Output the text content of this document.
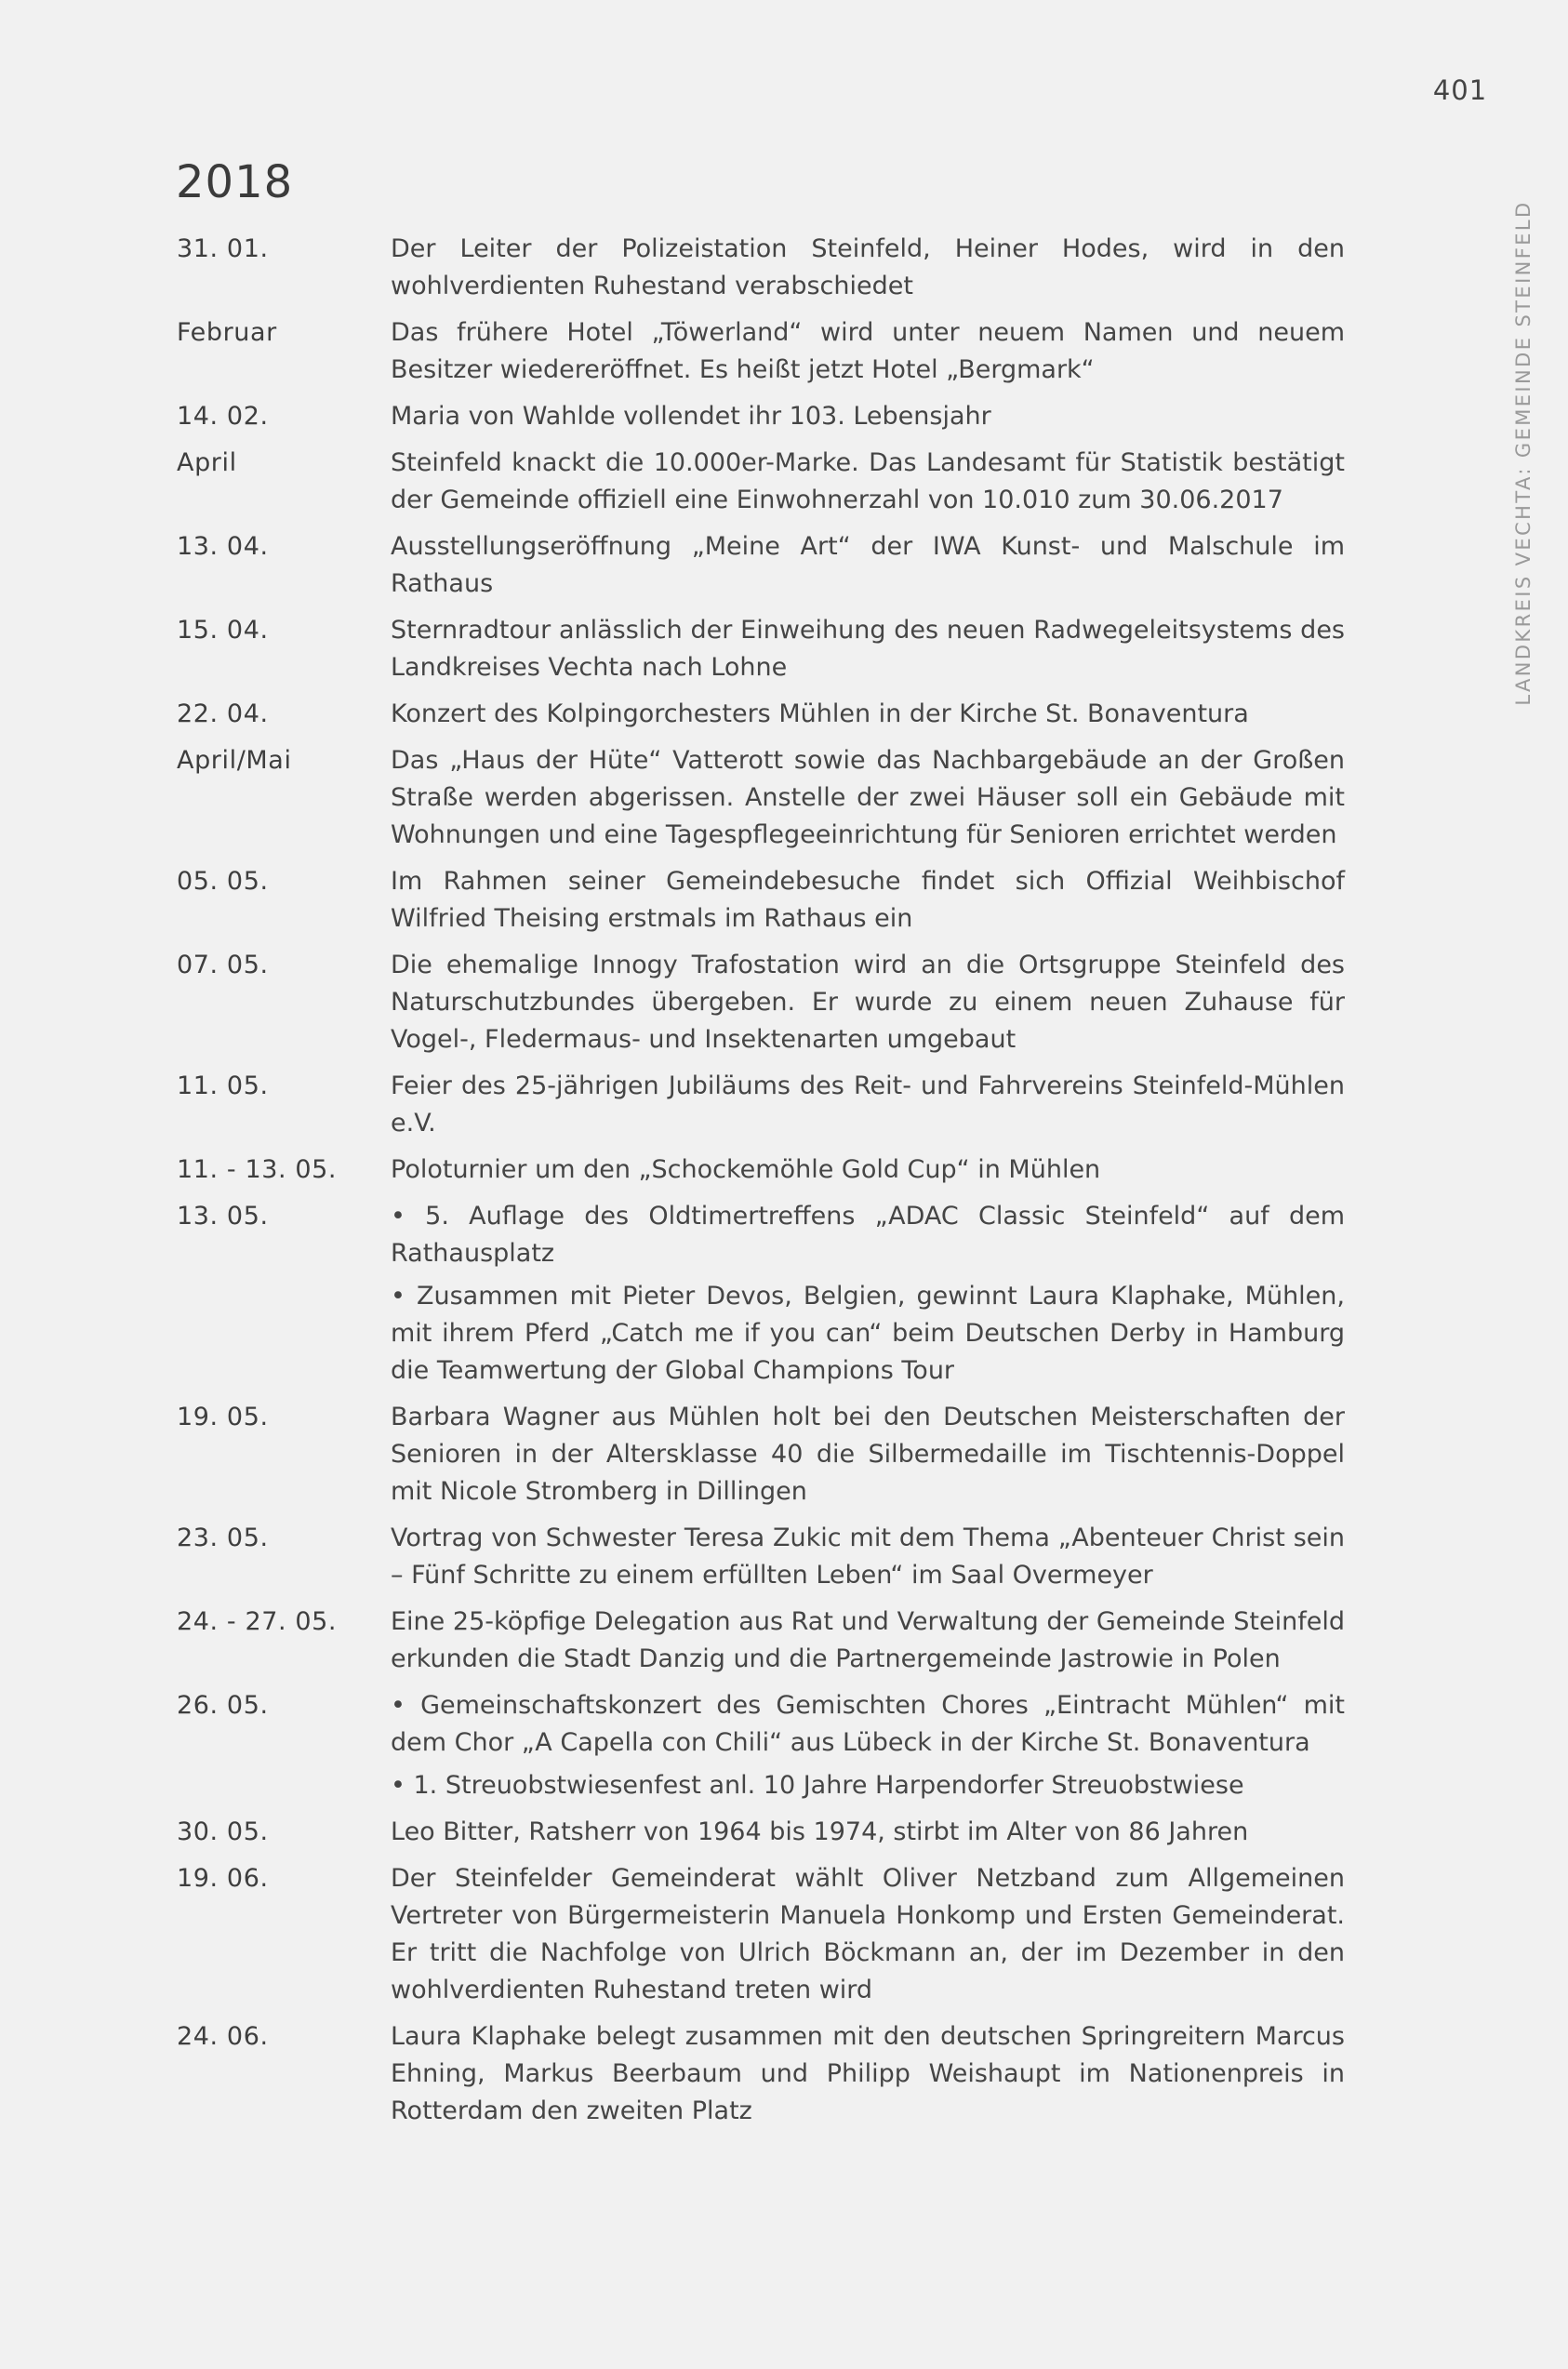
401
LANDKREIS VECHTA: GEMEINDE STEINFELD
2018
31. 01.	Der Leiter der Polizeistation Steinfeld, Heiner Hodes, wird in den wohlverdienten Ruhestand verabschiedet
Februar	Das frühere Hotel „Töwerland“ wird unter neuem Namen und neuem Besitzer wiedereröffnet. Es heißt jetzt Hotel „Bergmark“
14. 02.	Maria von Wahlde vollendet ihr 103. Lebensjahr
April	Steinfeld knackt die 10.000er-Marke. Das Landesamt für Statistik bestätigt der Gemeinde offiziell eine Einwohnerzahl von 10.010 zum 30.06.2017
13. 04.	Ausstellungseröffnung „Meine Art“ der IWA Kunst- und Malschule im Rathaus
15. 04.	Sternradtour anlässlich der Einweihung des neuen Radwegeleitsystems des Landkreises Vechta nach Lohne
22. 04.	Konzert des Kolpingorchesters Mühlen in der Kirche St. Bonaventura
April/Mai	Das „Haus der Hüte“ Vatterott sowie das Nachbargebäude an der Großen Straße werden abgerissen. Anstelle der zwei Häuser soll ein Gebäude mit Wohnungen und eine Tagespflegeeinrichtung für Senioren errichtet werden
05. 05.	Im Rahmen seiner Gemeindebesuche findet sich Offizial Weihbischof Wilfried Theising erstmals im Rathaus ein
07. 05.	Die ehemalige Innogy Trafostation wird an die Ortsgruppe Steinfeld des Naturschutzbundes übergeben. Er wurde zu einem neuen Zuhause für Vogel-, Fledermaus- und Insektenarten umgebaut
11. 05.	Feier des 25-jährigen Jubiläums des Reit- und Fahrvereins Steinfeld-Mühlen e.V.
11. - 13. 05.	Poloturnier um den „Schockemöhle Gold Cup“ in Mühlen
13. 05.	• 5. Auflage des Oldtimertreffens „ADAC Classic Steinfeld“ auf dem Rathausplatz
• Zusammen mit Pieter Devos, Belgien, gewinnt Laura Klaphake, Mühlen, mit ihrem Pferd „Catch me if you can“ beim Deutschen Derby in Hamburg die Teamwertung der Global Champions Tour
19. 05.	Barbara Wagner aus Mühlen holt bei den Deutschen Meisterschaften der Senioren in der Altersklasse 40 die Silbermedaille im Tischtennis-Doppel mit Nicole Stromberg in Dillingen
23. 05.	Vortrag von Schwester Teresa Zukic mit dem Thema „Abenteuer Christ sein – Fünf Schritte zu einem erfüllten Leben“ im Saal Overmeyer
24. - 27. 05.	Eine 25-köpfige Delegation aus Rat und Verwaltung der Gemeinde Steinfeld erkunden die Stadt Danzig und die Partnergemeinde Jastrowie in Polen
26. 05.	• Gemeinschaftskonzert des Gemischten Chores „Eintracht Mühlen“ mit dem Chor „A Capella con Chili“ aus Lübeck in der Kirche St. Bonaventura
• 1. Streuobstwiesenfest anl. 10 Jahre Harpendorfer Streuobstwiese
30. 05.	Leo Bitter, Ratsherr von 1964 bis 1974, stirbt im Alter von 86 Jahren
19. 06.	Der Steinfelder Gemeinderat wählt Oliver Netzband zum Allgemeinen Vertreter von Bürgermeisterin Manuela Honkomp und Ersten Gemeinderat. Er tritt die Nachfolge von Ulrich Böckmann an, der im Dezember in den wohlverdienten Ruhestand treten wird
24. 06.	Laura Klaphake belegt zusammen mit den deutschen Springreitern Marcus Ehning, Markus Beerbaum und Philipp Weishaupt im Nationenpreis in Rotterdam den zweiten Platz
